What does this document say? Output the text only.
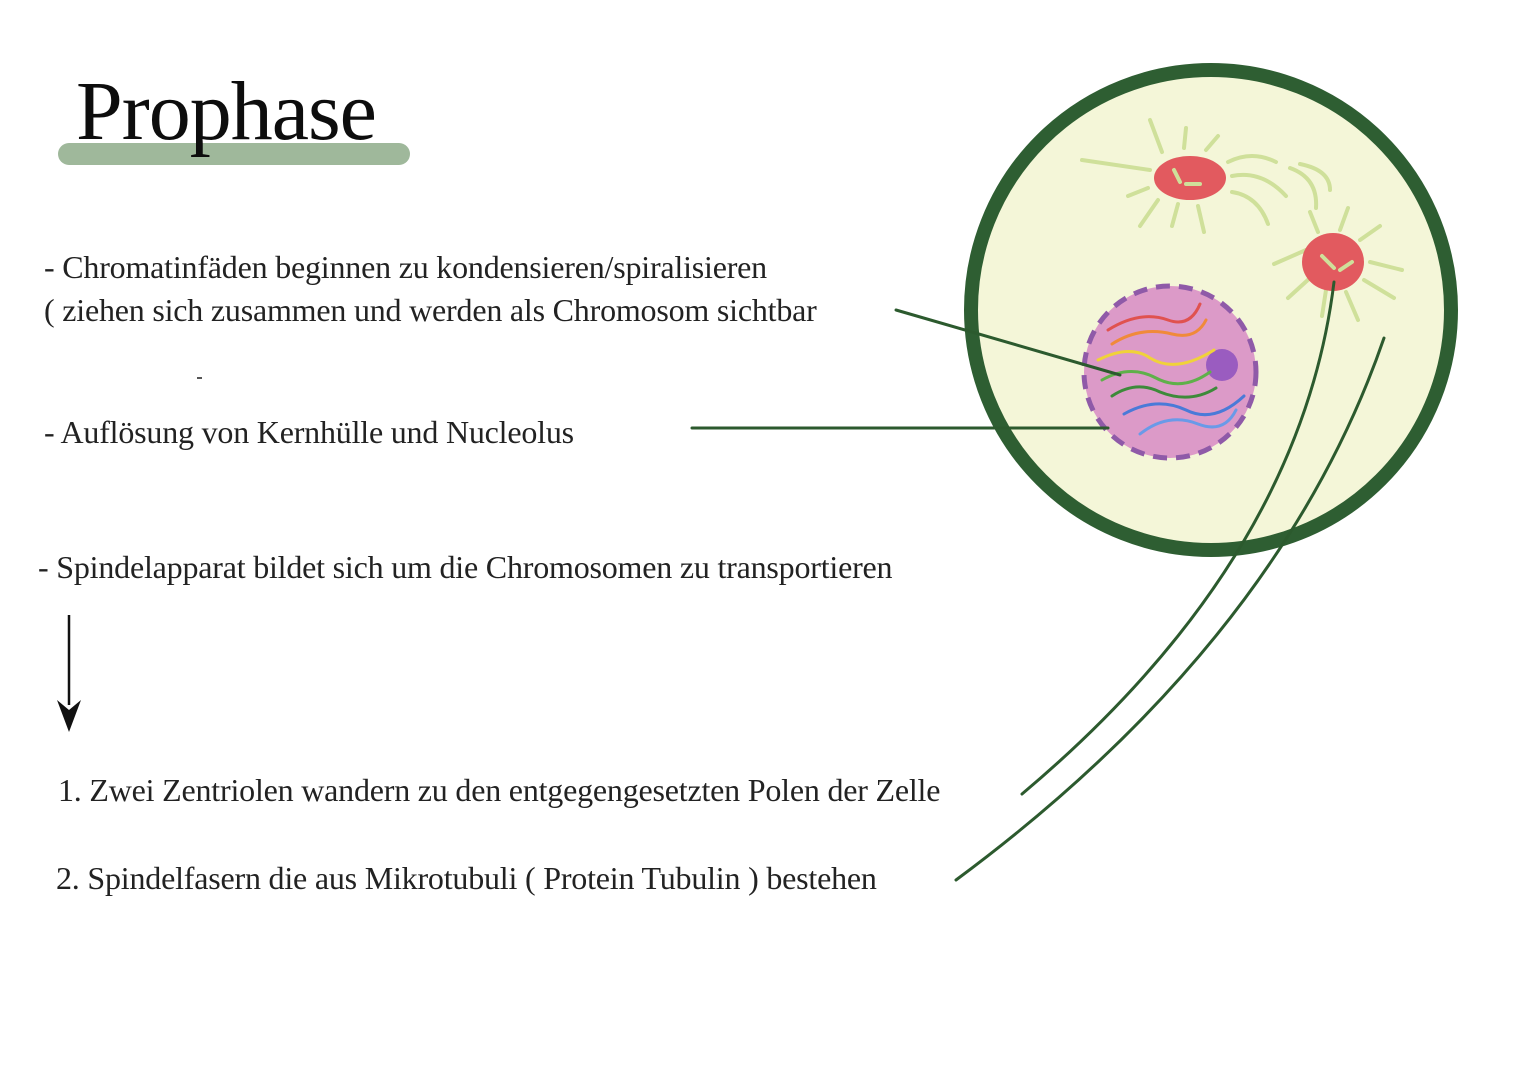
Prophase
- Chromatinfäden beginnen zu kondensieren/spiralisieren
( ziehen sich zusammen und werden als Chromosom sichtbar
- Auflösung von Kernhülle und Nucleolus
- Spindelapparat bildet sich um die Chromosomen zu transportieren
1. Zwei Zentriolen wandern zu den entgegengesetzten Polen der Zelle
2. Spindelfasern die aus Mikrotubuli ( Protein Tubulin ) bestehen
